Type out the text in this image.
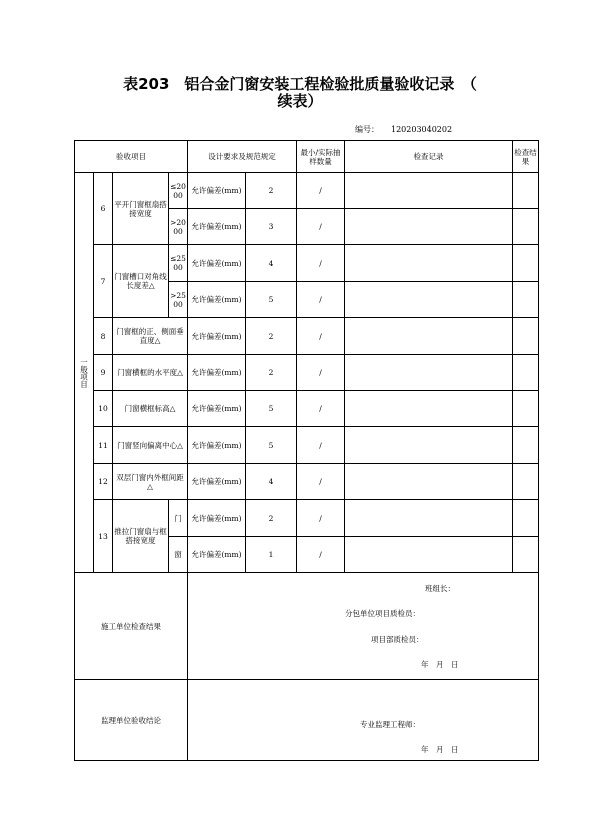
表203　铝合金门窗安装工程检验批质量验收记录　（
续表）
编号： 120203040202
验收项目				设计要求及规范规定		最小/实际抽样数量	检查记录	检查结果
一般项目	6	平开门窗框扇搭接宽度	≤2000	允许偏差(mm)	2	/		
			>2000	允许偏差(mm)	3	/		
	7	门窗槽口对角线长度差△	≤2500	允许偏差(mm)	4	/		
			>2500	允许偏差(mm)	5	/		
	8	门窗框的正、侧面垂直度△		允许偏差(mm)	2	/		
	9	门窗横框的水平度△		允许偏差(mm)	2	/		
	10	门窗横框标高△		允许偏差(mm)	5	/		
	11	门窗竖向偏离中心△		允许偏差(mm)	5	/		
	12	双层门窗内外框间距△		允许偏差(mm)	4	/		
	13	推拉门窗扇与框搭接宽度	门	允许偏差(mm)	2	/		
			窗	允许偏差(mm)	1	/		
施工单位检查结果				班组长：
分包单位项目质检员：
项目部质检员：
年　月　日				

监理单位验收结论				专业监理工程师：
年　月　日				
